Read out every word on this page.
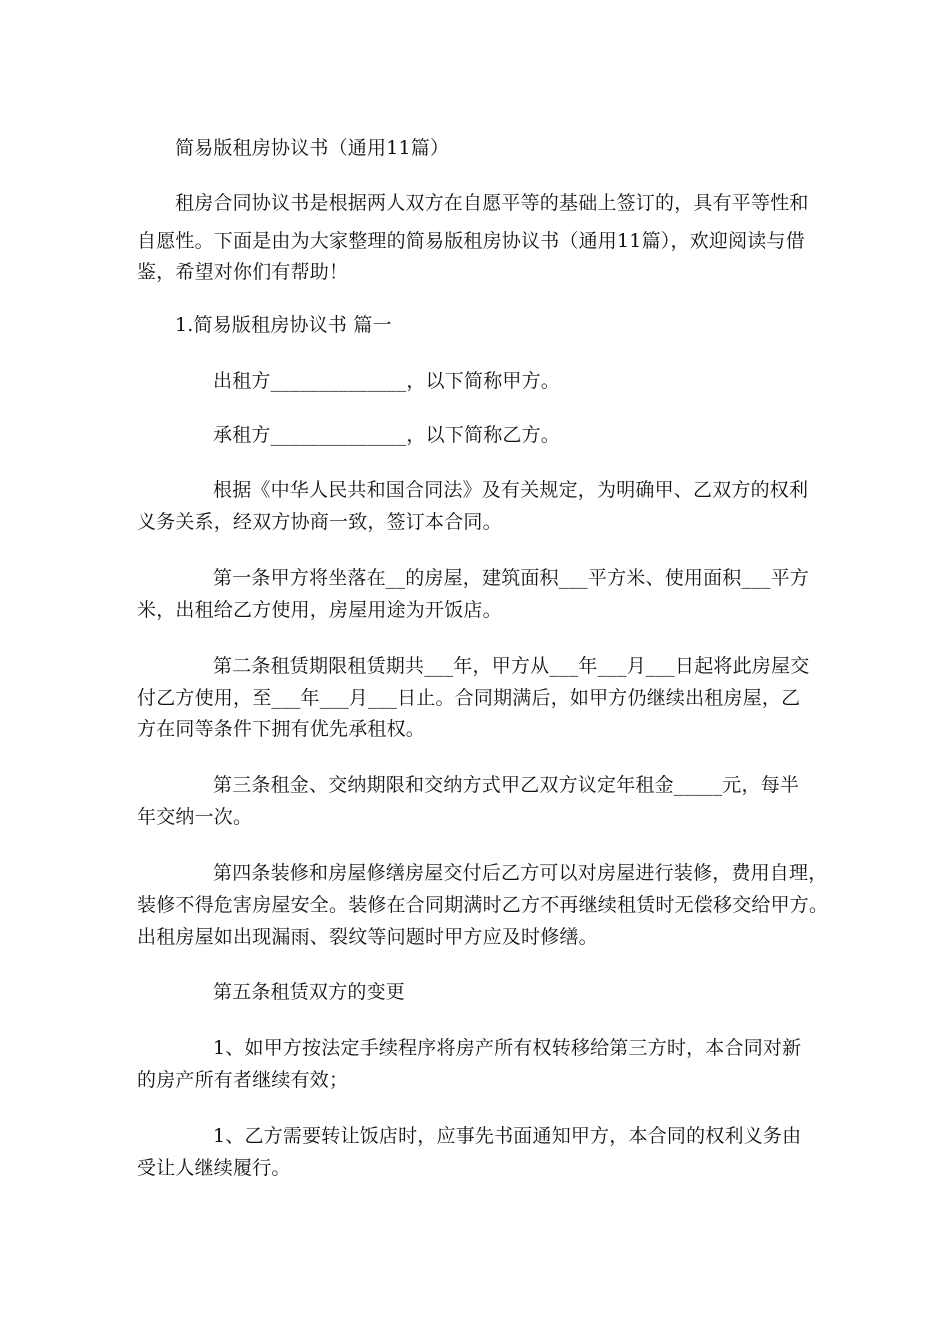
简易版租房协议书（通用11篇）
租房合同协议书是根据两人双方在自愿平等的基础上签订的，具有平等性和
自愿性。下面是由为大家整理的简易版租房协议书（通用11篇），欢迎阅读与借
鉴，希望对你们有帮助！
1.简易版租房协议书 篇一
出租方______________，以下简称甲方。
承租方______________，以下简称乙方。
根据《中华人民共和国合同法》及有关规定，为明确甲、乙双方的权利
义务关系，经双方协商一致，签订本合同。
第一条甲方将坐落在__的房屋，建筑面积___平方米、使用面积___平方
米，出租给乙方使用，房屋用途为开饭店。
第二条租赁期限租赁期共___年，甲方从___年___月___日起将此房屋交
付乙方使用，至___年___月___日止。合同期满后，如甲方仍继续出租房屋，乙
方在同等条件下拥有优先承租权。
第三条租金、交纳期限和交纳方式甲乙双方议定年租金_____元，每半
年交纳一次。
第四条装修和房屋修缮房屋交付后乙方可以对房屋进行装修，费用自理，
装修不得危害房屋安全。装修在合同期满时乙方不再继续租赁时无偿移交给甲方。
出租房屋如出现漏雨、裂纹等问题时甲方应及时修缮。
第五条租赁双方的变更
1、如甲方按法定手续程序将房产所有权转移给第三方时，本合同对新
的房产所有者继续有效；
1、乙方需要转让饭店时，应事先书面通知甲方，本合同的权利义务由
受让人继续履行。
